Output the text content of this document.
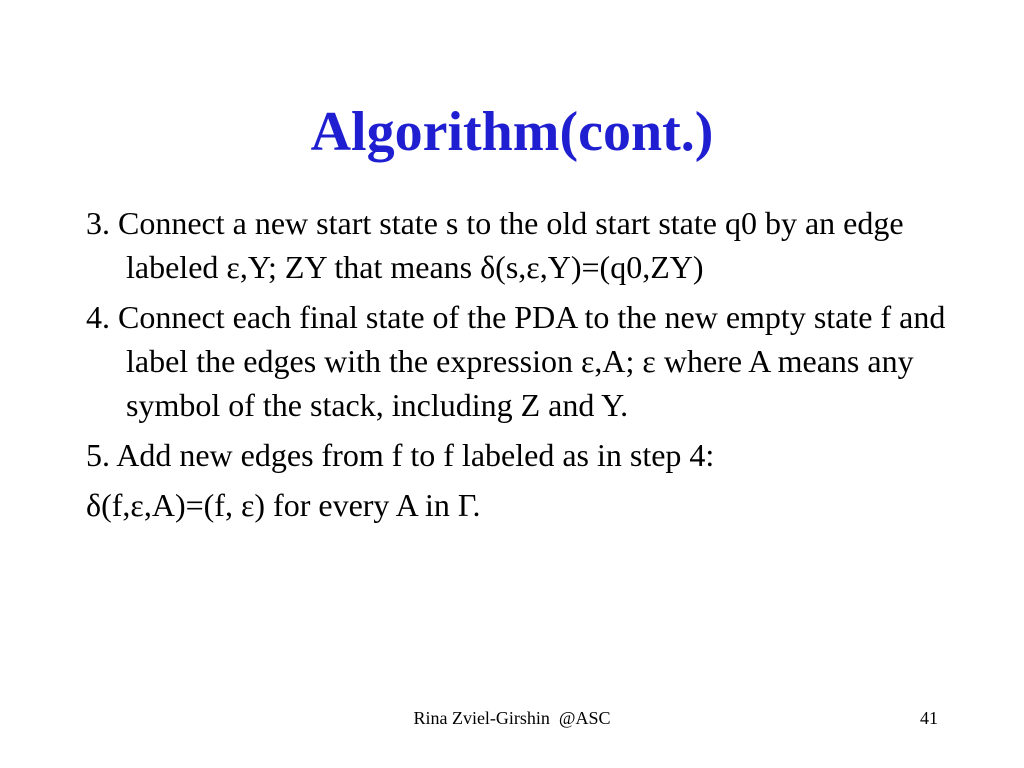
Algorithm(cont.)

3. Connect a new start state s to the old start state q0 by an edge labeled ε,Y; ZY that means δ(s,ε,Y)=(q0,ZY)

4. Connect each final state of the PDA to the new empty state f and label the edges with the expression ε,A; ε where A means any symbol of the stack, including Z and Y.

5. Add new edges from f to f labeled as in step 4:

δ(f,ε,A)=(f, ε) for every A in Γ.

Rina Zviel-Girshin  @ASC	41
